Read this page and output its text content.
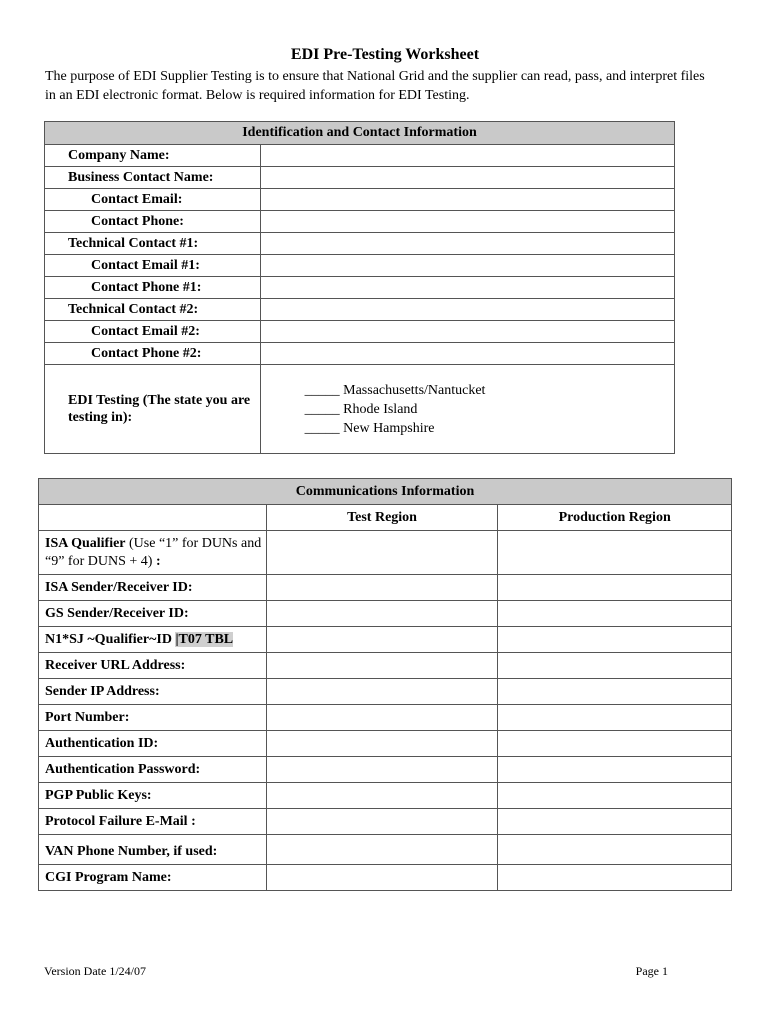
EDI Pre-Testing Worksheet
The purpose of EDI Supplier Testing is to ensure that National Grid and the supplier can read, pass, and interpret files in an EDI electronic format. Below is required information for EDI Testing.
Identification and Contact Information	
Company Name:	
Business Contact Name:	
Contact Email:	
Contact Phone:	
Technical Contact #1:	
Contact Email #1:	
Contact Phone #1:	
Technical Contact #2:	
Contact Email #2:	
Contact Phone #2:	
EDI Testing (The state you are testing in):	_____ Massachusetts/Nantucket
_____ Rhode Island
_____ New Hampshire
Communications Information		
	Test Region	Production Region
ISA Qualifier (Use “1” for DUNs and “9” for DUNS + 4) :		
ISA Sender/Receiver ID:		
GS Sender/Receiver ID:		
N1*SJ ~Qualifier~ID |T07 TBL		
Receiver URL Address:		
Sender IP Address:		
Port Number:		
Authentication ID:		
Authentication Password:		
PGP Public Keys:		
Protocol Failure E-Mail :		
VAN Phone Number, if used:		
CGI Program Name:		
Version Date 1/24/07	Page 1
